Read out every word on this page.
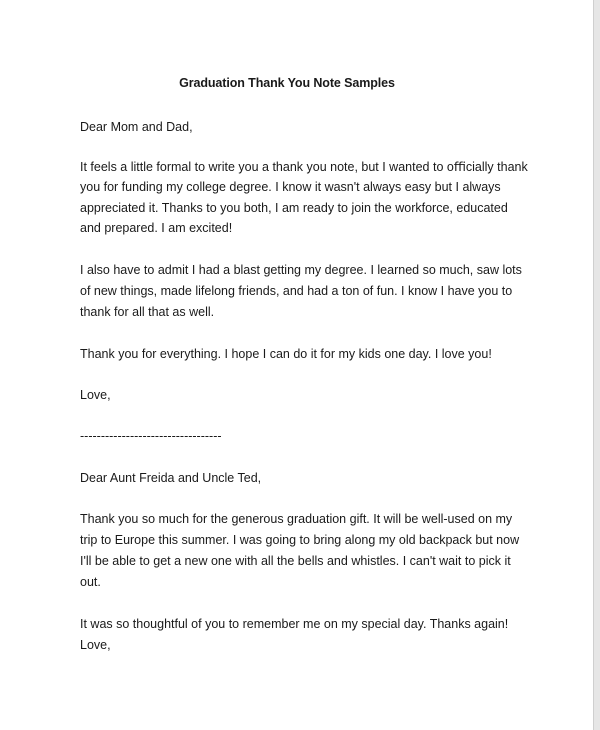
Graduation Thank You Note Samples
Dear Mom and Dad,
It feels a little formal to write you a thank you note, but I wanted to oﬃcially thank
you for funding my college degree. I know it wasn't always easy but I always
appreciated it. Thanks to you both, I am ready to join the workforce, educated
and prepared. I am excited!
I also have to admit I had a blast getting my degree. I learned so much, saw lots
of new things, made lifelong friends, and had a ton of fun. I know I have you to
thank for all that as well.
Thank you for everything. I hope I can do it for my kids one day. I love you!
Love,
----------------------------------
Dear Aunt Freida and Uncle Ted,
Thank you so much for the generous graduation gift. It will be well-used on my
trip to Europe this summer. I was going to bring along my old backpack but now
I'll be able to get a new one with all the bells and whistles. I can't wait to pick it
out.
It was so thoughtful of you to remember me on my special day. Thanks again!
Love,
